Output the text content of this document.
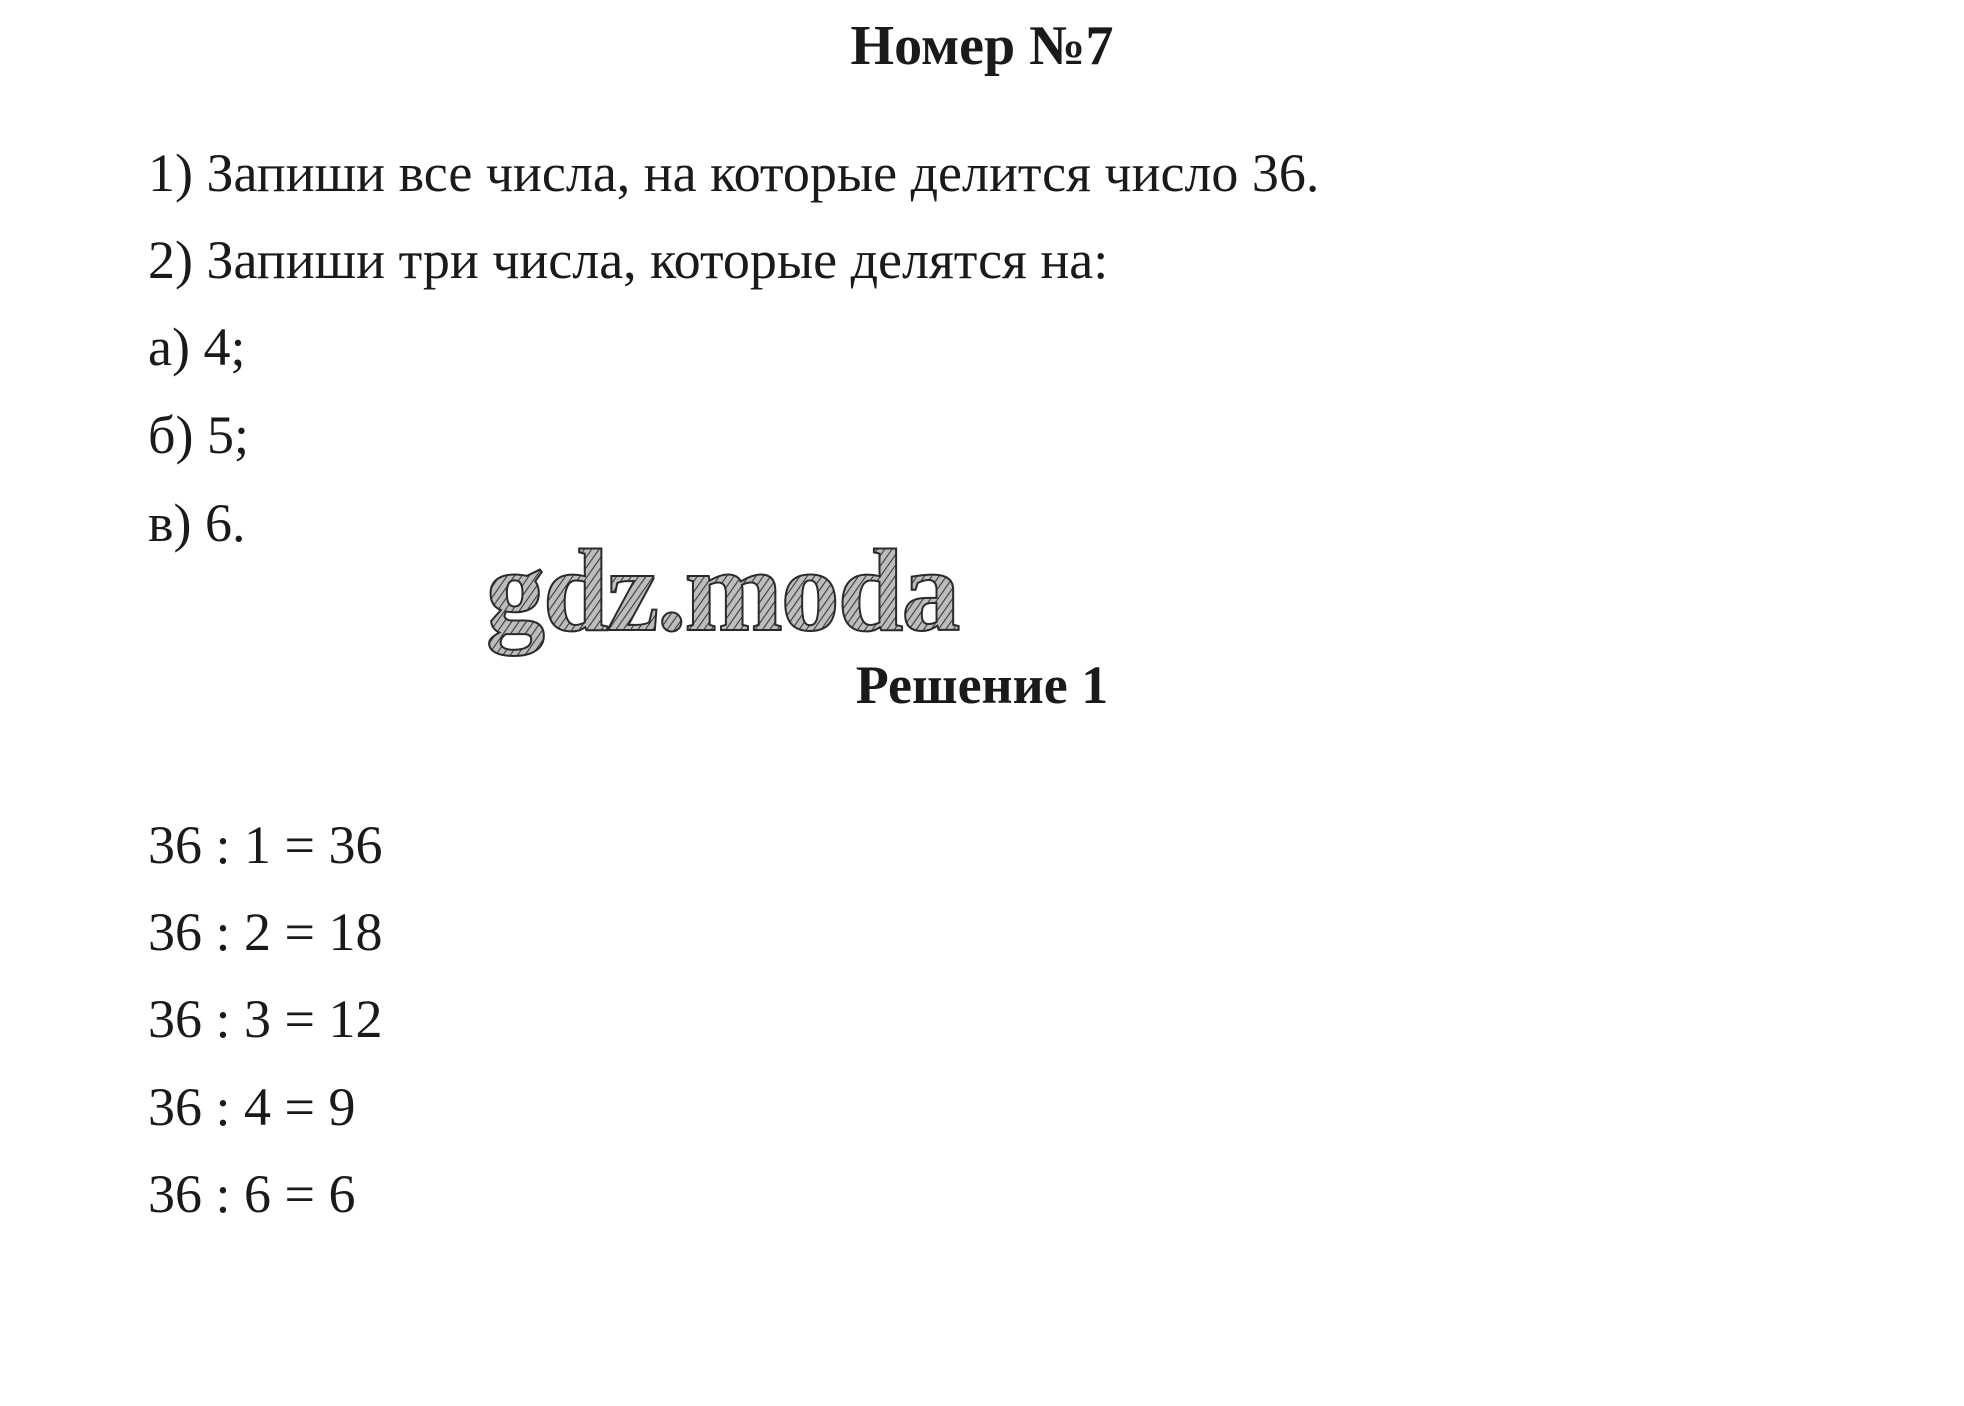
Номер №7

1) Запиши все числа, на которые делится число 36.

2) Запиши три числа, которые делятся на:

а) 4;

б) 5;

в) 6.

gdz.moda
Решение 1

36 : 1 = 36

36 : 2 = 18

36 : 3 = 12

36 : 4 = 9

36 : 6 = 6
